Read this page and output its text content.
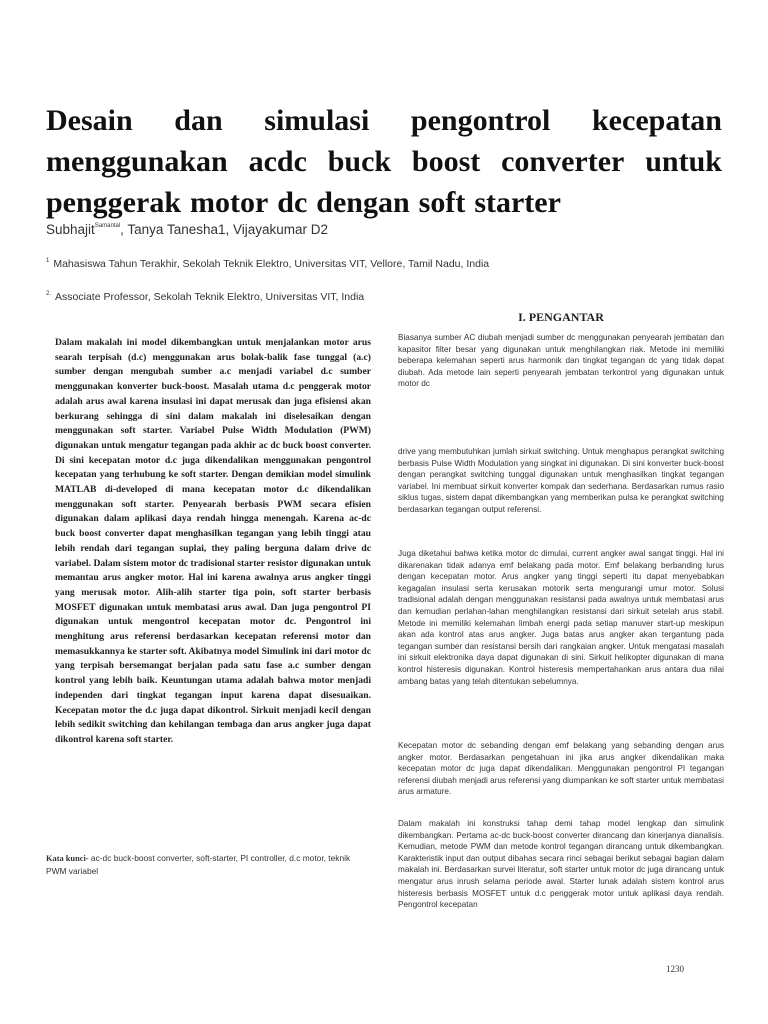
Desain dan simulasi pengontrol kecepatan
menggunakan acdc buck boost converter untuk
penggerak motor dc dengan soft starter
Subhajit$^{Samantal}$, Tanya Tanesha1, Vijayakumar D2
$^1$ Mahasiswa Tahun Terakhir, Sekolah Teknik Elektro, Universitas VIT, Vellore, Tamil Nadu, India
$^{2.}$ Associate Professor, Sekolah Teknik Elektro, Universitas VIT, India
I. PENGANTAR
Dalam makalah ini model dikembangkan untuk menjalankan motor arus searah terpisah (d.c) menggunakan arus bolak-balik fase tunggal (a.c) sumber dengan mengubah sumber a.c menjadi variabel d.c sumber menggunakan konverter buck-boost. Masalah utama d.c penggerak motor adalah arus awal karena insulasi ini dapat merusak dan juga efisiensi akan berkurang sehingga di sini dalam makalah ini diselesaikan dengan menggunakan soft starter. Variabel Pulse Width Modulation (PWM) digunakan untuk mengatur tegangan pada akhir ac dc buck boost converter. Di sini kecepatan motor d.c juga dikendalikan menggunakan pengontrol kecepatan yang terhubung ke soft starter. Dengan demikian model simulink MATLAB di-developed di mana kecepatan motor d.c dikendalikan menggunakan soft starter. Penyearah berbasis PWM secara efisien digunakan dalam aplikasi daya rendah hingga menengah. Karena ac-dc buck boost converter dapat menghasilkan tegangan yang lebih tinggi atau lebih rendah dari tegangan suplai, they paling berguna dalam drive dc variabel. Dalam sistem motor dc tradisional starter resistor digunakan untuk memantau arus angker motor. Hal ini karena awalnya arus angker tinggi yang merusak motor. Alih-alih starter tiga poin, soft starter berbasis MOSFET digunakan untuk membatasi arus awal. Dan juga pengontrol PI digunakan untuk mengontrol kecepatan motor dc. Pengontrol ini menghitung arus referensi berdasarkan kecepatan referensi motor dan memasukkannya ke starter soft. Akibatnya model Simulink ini dari motor dc yang terpisah bersemangat berjalan pada satu fase a.c sumber dengan kontrol yang lebih baik. Keuntungan utama adalah bahwa motor menjadi independen dari tingkat tegangan input karena dapat disesuaikan. Kecepatan motor the d.c juga dapat dikontrol. Sirkuit menjadi kecil dengan lebih sedikit switching dan kehilangan tembaga dan arus angker juga dapat dikontrol karena soft starter.
Kata kunci- ac-dc buck-boost converter, soft-starter, PI controller, d.c motor, teknik PWM variabel
Biasanya sumber AC diubah menjadi sumber dc menggunakan penyearah jembatan dan kapasitor filter besar yang digunakan untuk menghilangkan riak. Metode ini memiliki beberapa kelemahan seperti arus harmonik dan tingkat tegangan dc yang tidak dapat diubah. Ada metode lain seperti penyearah jembatan terkontrol yang digunakan untuk motor dc
drive yang membutuhkan jumlah sirkuit switching. Untuk menghapus perangkat switching berbasis Pulse Width Modulation yang singkat ini digunakan. Di sini konverter buck-boost dengan perangkat switching tunggal digunakan untuk menghasilkan tingkat tegangan variabel. Ini membuat sirkuit konverter kompak dan sederhana. Berdasarkan rumus rasio siklus tugas, sistem dapat dikembangkan yang memberikan pulsa ke perangkat switching berdasarkan tegangan output referensi.
Juga diketahui bahwa ketika motor dc dimulai, current angker awal sangat tinggi. Hal ini dikarenakan tidak adanya emf belakang pada motor. Emf belakang berbanding lurus dengan kecepatan motor. Arus angker yang tinggi seperti itu dapat menyebabkan kegagalan insulasi serta kerusakan motorik serta mengurangi umur motor. Solusi tradisional adalah dengan menggunakan resistansi pada awalnya untuk membatasi arus dan kemudian perlahan-lahan menghilangkan resistansi dari sirkuit setelah arus stabil. Metode ini memiliki kelemahan limbah energi pada setiap manuver start-up meskipun akan ada kontrol atas arus angker. Juga batas arus angker akan tergantung pada tegangan sumber dan resistansi bersih dari rangkaian angker. Untuk mengatasi masalah ini sirkuit elektronika daya dapat digunakan di sini. Sirkuit helikopter digunakan di mana kontrol histeresis digunakan. Kontrol histeresis mempertahankan arus antara dua nilai ambang batas yang telah ditentukan sebelumnya.
Kecepatan motor dc sebanding dengan emf belakang yang sebanding dengan arus angker motor. Berdasarkan pengetahuan ini jika arus angker dikendalikan maka kecepatan motor dc juga dapat dikendalikan. Menggunakan pengontrol PI tegangan referensi diubah menjadi arus referensi yang diumpankan ke soft starter untuk membatasi arus armature.
Dalam makalah ini konstruksi tahap demi tahap model lengkap dan simulink dikembangkan. Pertama ac-dc buck-boost converter dirancang dan kinerjanya dianalisis. Kemudian, metode PWM dan metode kontrol tegangan dirancang untuk dikembangkan. Karakteristik input dan output dibahas secara rinci sebagai berikut sebagai bagian dalam makalah ini. Berdasarkan survei literatur, soft starter untuk motor dc juga dirancang untuk mengatur arus inrush selama periode awal. Starter lunak adalah sistem kontrol arus histeresis berbasis MOSFET untuk d.c penggerak motor untuk aplikasi daya rendah. Pengontrol kecepatan
1230
